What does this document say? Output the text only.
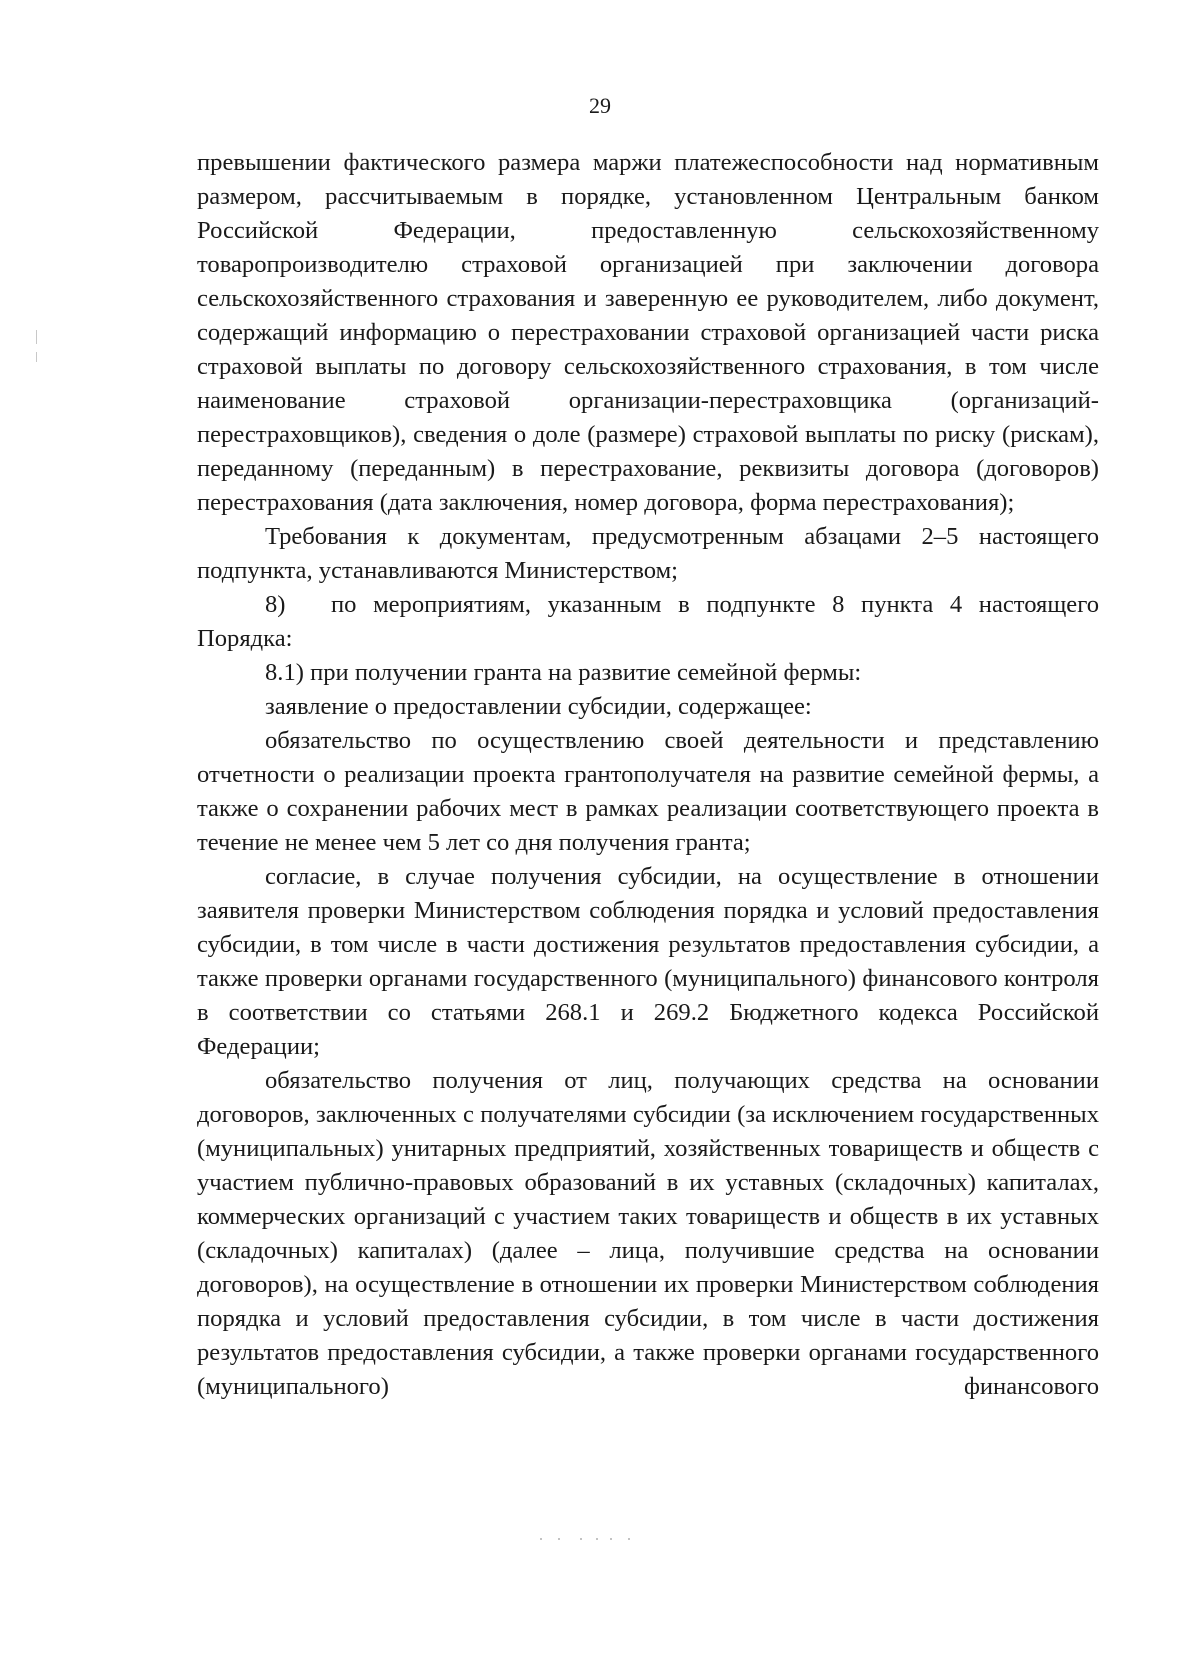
29

превышении фактического размера маржи платежеспособности над нормативным размером, рассчитываемым в порядке, установленном Центральным банком Российской Федерации, предоставленную сельскохозяйственному товаропроизводителю страховой организацией при заключении договора сельскохозяйственного страхования и заверенную ее руководителем, либо документ, содержащий информацию о перестраховании страховой организацией части риска страховой выплаты по договору сельскохозяйственного страхования, в том числе наименование страховой организации-перестраховщика (организаций-перестраховщиков), сведения о доле (размере) страховой выплаты по риску (рискам), переданному (переданным) в перестрахование, реквизиты договора (договоров) перестрахования (дата заключения, номер договора, форма перестрахования);

Требования к документам, предусмотренным абзацами 2–5 настоящего подпункта, устанавливаются Министерством;

8) по мероприятиям, указанным в подпункте 8 пункта 4 настоящего Порядка:

8.1) при получении гранта на развитие семейной фермы:

заявление о предоставлении субсидии, содержащее:

обязательство по осуществлению своей деятельности и представлению отчетности о реализации проекта грантополучателя на развитие семейной фермы, а также о сохранении рабочих мест в рамках реализации соответствующего проекта в течение не менее чем 5 лет со дня получения гранта;

согласие, в случае получения субсидии, на осуществление в отношении заявителя проверки Министерством соблюдения порядка и условий предоставления субсидии, в том числе в части достижения результатов предоставления субсидии, а также проверки органами государственного (муниципального) финансового контроля в соответствии со статьями 268.1 и 269.2 Бюджетного кодекса Российской Федерации;

обязательство получения от лиц, получающих средства на основании договоров, заключенных с получателями субсидии (за исключением государственных (муниципальных) унитарных предприятий, хозяйственных товариществ и обществ с участием публично-правовых образований в их уставных (складочных) капиталах, коммерческих организаций с участием таких товариществ и обществ в их уставных (складочных) капиталах) (далее – лица, получившие средства на основании договоров), на осуществление в отношении их проверки Министерством соблюдения порядка и условий предоставления субсидии, в том числе в части достижения результатов предоставления субсидии, а также проверки органами государственного (муниципального) финансового
